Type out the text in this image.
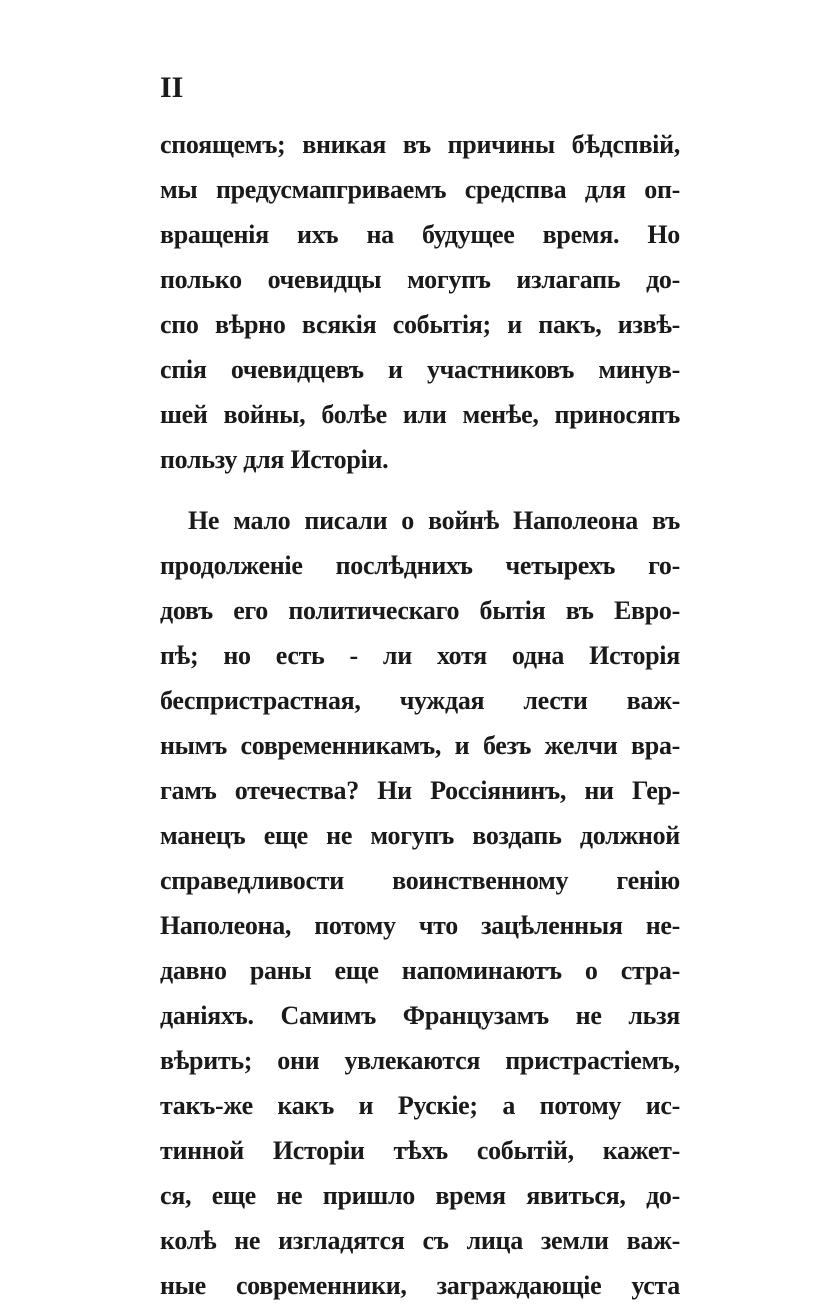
II
споящемъ; вникая въ причины бѣдспвій,
мы предусмапгриваемъ средспва для оп-
вращенія ихъ на будущее время. Но
полько очевидцы могупъ излагапь до-
спо вѣрно всякія событія; и пакъ, извѣ-
спія очевидцевъ и участниковъ минув-
шей войны, болѣе или менѣе, приносяпъ
пользу для Исторіи.
Не мало писали о войнѣ Наполеона въ
продолженіе послѣднихъ четырехъ го-
довъ его политическаго бытія въ Евро-
пѣ; но есть - ли хотя одна Исторія
беспристрастная, чуждая лести важ-
нымъ современникамъ, и безъ желчи вра-
гамъ отечества? Ни Россіянинъ, ни Гер-
манецъ еще не могупъ воздапь должной
справедливости воинственному генію
Наполеона, потому что зацѣленныя не-
давно раны еще напоминаютъ о стра-
даніяхъ. Самимъ Французамъ не льзя
вѣрить; они увлекаются пристрастіемъ,
такъ-же какъ и Рускіе; а потому ис-
тинной Исторіи тѣхъ событій, кажет-
ся, еще не пришло время явиться, до-
колѣ не изгладятся съ лица земли важ-
ные современники, заграждающіе уста
